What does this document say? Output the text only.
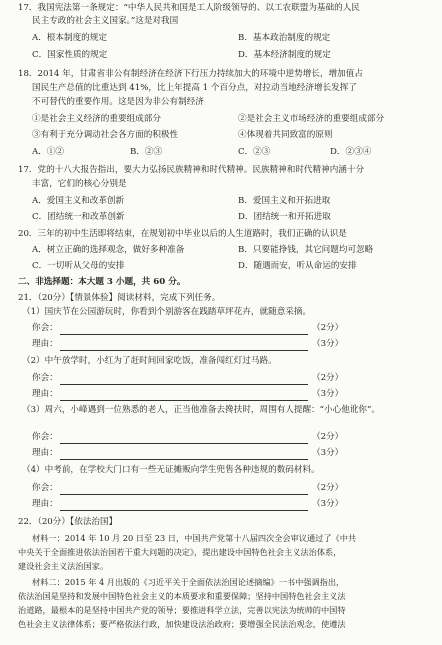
17．我国宪法第一条规定：“中华人民共和国是工人阶级领导的、以工农联盟为基础的人民
民主专政的社会主义国家。”这是对我国
A．根本制度的规定	B．基本政治制度的规定
C．国家性质的规定	D．基本经济制度的规定
18．2014 年，甘肃省非公有制经济在经济下行压力持续加大的环境中逆势增长，增加值占
国民生产总值的比重达到 41%，比上年提高 1 个百分点，对拉动当地经济增长发挥了
不可替代的重要作用。这是因为非公有制经济
①是社会主义经济的重要组成部分	②是社会主义市场经济的重要组成部分
③有利于充分调动社会各方面的积极性	④体现着共同致富的原则
A．①②	B．②③	C．②③	D．②③④
17．党的十八大报告指出，要大力弘扬民族精神和时代精神。民族精神和时代精神内涵十分
丰富，它们的核心分别是
A．爱国主义和改革创新	B．爱国主义和开拓进取
C．团结统一和改革创新	D．团结统一和开拓进取
20．三年的初中生活即将结束，在规划初中毕业以后的人生道路时，我们正确的认识是
A．树立正确的选择观念，做好多种准备	B．只要能挣钱，其它问题均可忽略
C．一切听从父母的安排	D．随遇而安，听从命运的安排
二、非选择题：本大题 3 小题，共 60 分。
21．（20分）【情景体验】阅读材料，完成下列任务。
（1）国庆节在公园游玩时，你看到个别游客在践踏草坪花卉，就随意采摘。
你会：	（2分）
理由：	（3分）
（2）中午放学时，小红为了赶时间回家吃饭，准备闯红灯过马路。
你会：	（2分）
理由：	（3分）
（3）周六，小峰遇到一位熟悉的老人，正当他准备去搀扶时，周围有人提醒：“小心他讹你”。
你会：	（2分）
理由：	（3分）
（4）中考前，在学校大门口有一些无证摊贩向学生兜售各种违规的数码材料。
你会：	（2分）
理由：	（3分）
22．（20分）【依法治国】
材料一：2014 年 10 月 20 日至 23 日，中国共产党第十八届四次全会审议通过了《中共
中央关于全面推进依法治国若干重大问题的决定》，提出建设中国特色社会主义法治体系，
建设社会主义法治国家。
材料二：2015 年 4 月出版的《习近平关于全面依法治国论述摘编》一书中强调指出，
依法治国是坚持和发展中国特色社会主义的本质要求和重要保障；坚持中国特色社会主义法
治道路，最根本的是坚持中国共产党的领导；要推进科学立法，完善以宪法为统帅的中国特
色社会主义法律体系；要严格依法行政，加快建设法治政府；要增强全民法治观念，使遵法
